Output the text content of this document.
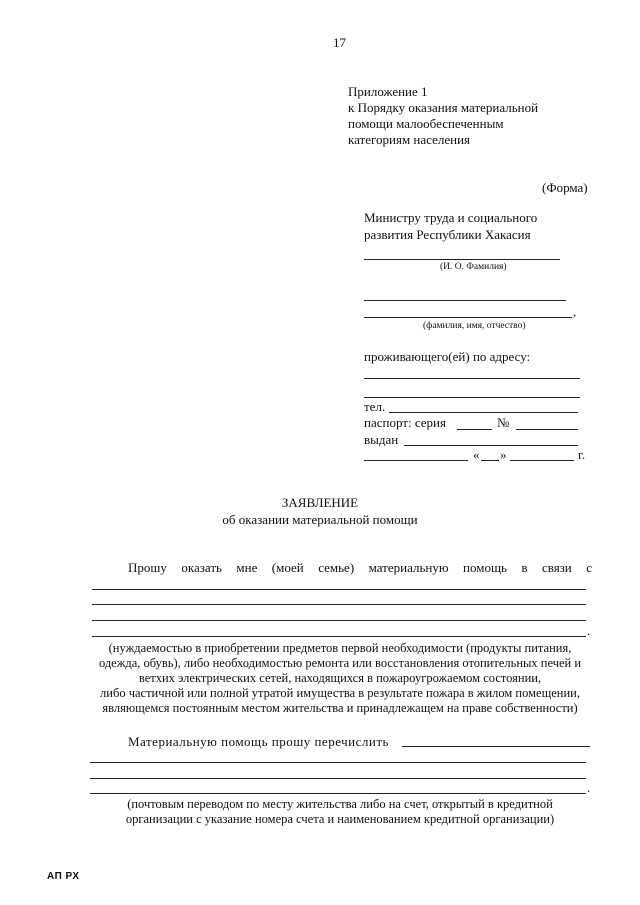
17
Приложение 1
к Порядку оказания материальной
помощи малообеспеченным
категориям населения
(Форма)
Министру труда и социального
развития Республики Хакасия
(И. О. Фамилия)
,
(фамилия, имя, отчество)
проживающего(ей) по адресу:
тел.
паспорт: серия	№
выдан
« »	г.
ЗАЯВЛЕНИЕ
об оказании материальной помощи
Прошу оказать мне (моей семье) материальную помощь в связи с
.
(нуждаемостью в приобретении предметов первой необходимости (продукты питания,
одежда, обувь), либо необходимостью ремонта или восстановления отопительных печей и
ветхих электрических сетей, находящихся в пожароугрожаемом состоянии,
либо частичной или полной утратой имущества в результате пожара в жилом помещении,
являющемся постоянным местом жительства и принадлежащем на праве собственности)
Материальную помощь прошу перечислить
.
(почтовым переводом по месту жительства либо на счет, открытый в кредитной
организации с указание номера счета и наименованием кредитной организации)
АП РХ
